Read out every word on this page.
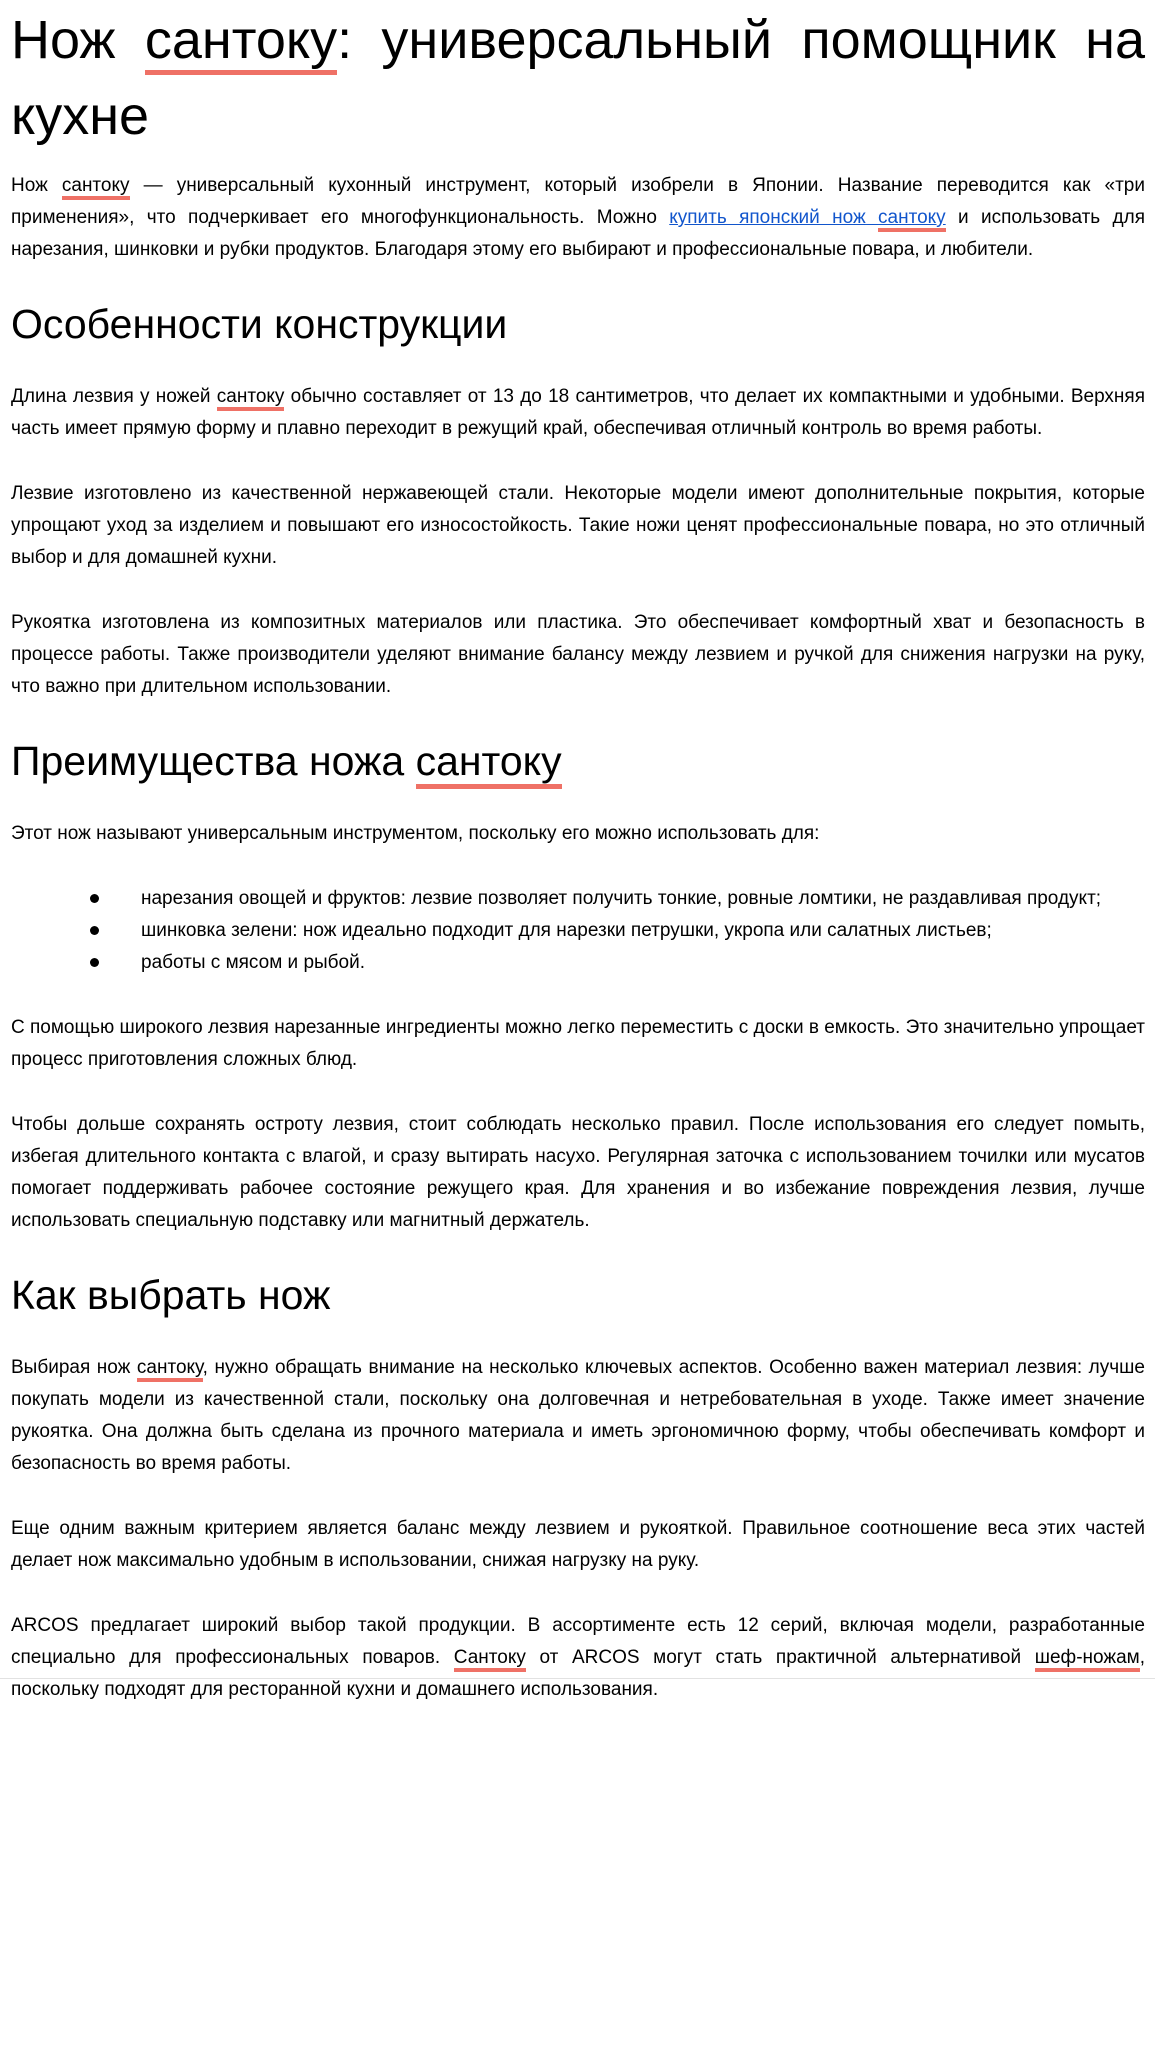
Нож сантоку: универсальный помощник на кухне

Нож сантоку — универсальный кухонный инструмент, который изобрели в Японии. Название переводится как «три применения», что подчеркивает его многофункциональность. Можно купить японский нож сантоку и использовать для нарезания, шинковки и рубки продуктов. Благодаря этому его выбирают и профессиональные повара, и любители.

Особенности конструкции

Длина лезвия у ножей сантоку обычно составляет от 13 до 18 сантиметров, что делает их компактными и удобными. Верхняя часть имеет прямую форму и плавно переходит в режущий край, обеспечивая отличный контроль во время работы.

Лезвие изготовлено из качественной нержавеющей стали. Некоторые модели имеют дополнительные покрытия, которые упрощают уход за изделием и повышают его износостойкость. Такие ножи ценят профессиональные повара, но это отличный выбор и для домашней кухни.

Рукоятка изготовлена из композитных материалов или пластика. Это обеспечивает комфортный хват и безопасность в процессе работы. Также производители уделяют внимание балансу между лезвием и ручкой для снижения нагрузки на руку, что важно при длительном использовании.

Преимущества ножа сантоку

Этот нож называют универсальным инструментом, поскольку его можно использовать для:

нарезания овощей и фруктов: лезвие позволяет получить тонкие, ровные ломтики, не раздавливая продукт;
шинковка зелени: нож идеально подходит для нарезки петрушки, укропа или салатных листьев;
работы с мясом и рыбой.

С помощью широкого лезвия нарезанные ингредиенты можно легко переместить с доски в емкость. Это значительно упрощает процесс приготовления сложных блюд.

Чтобы дольше сохранять остроту лезвия, стоит соблюдать несколько правил. После использования его следует помыть, избегая длительного контакта с влагой, и сразу вытирать насухо. Регулярная заточка с использованием точилки или мусатов помогает поддерживать рабочее состояние режущего края. Для хранения и во избежание повреждения лезвия, лучше использовать специальную подставку или магнитный держатель.

Как выбрать нож

Выбирая нож сантоку, нужно обращать внимание на несколько ключевых аспектов. Особенно важен материал лезвия: лучше покупать модели из качественной стали, поскольку она долговечная и нетребовательная в уходе. Также имеет значение рукоятка. Она должна быть сделана из прочного материала и иметь эргономичною форму, чтобы обеспечивать комфорт и безопасность во время работы.

Еще одним важным критерием является баланс между лезвием и рукояткой. Правильное соотношение веса этих частей делает нож максимально удобным в использовании, снижая нагрузку на руку.

ARCOS предлагает широкий выбор такой продукции. В ассортименте есть 12 серий, включая модели, разработанные специально для профессиональных поваров. Сантоку от ARCOS могут стать практичной альтернативой шеф-ножам, поскольку подходят для ресторанной кухни и домашнего использования.
